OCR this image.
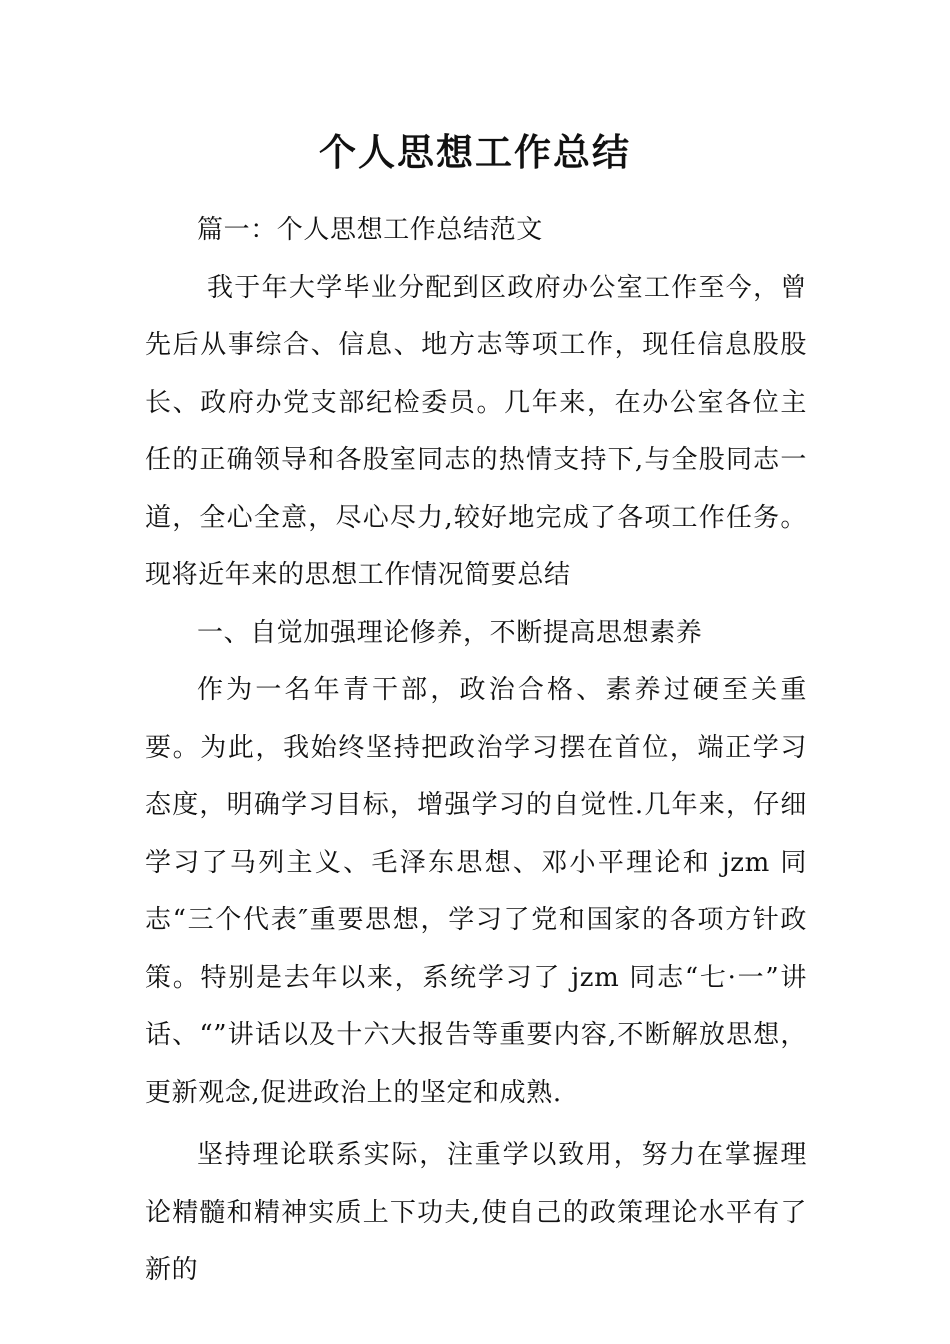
个人思想工作总结

篇一：个人思想工作总结范文

我于年大学毕业分配到区政府办公室工作至今，曾先后从事综合、信息、地方志等项工作，现任信息股股长、政府办党支部纪检委员。几年来，在办公室各位主任的正确领导和各股室同志的热情支持下,与全股同志一道，全心全意，尽心尽力,较好地完成了各项工作任务。现将近年来的思想工作情况简要总结

一、自觉加强理论修养，不断提高思想素养

作为一名年青干部，政治合格、素养过硬至关重要。为此，我始终坚持把政治学习摆在首位，端正学习态度，明确学习目标，增强学习的自觉性.几年来，仔细学习了马列主义、毛泽东思想、邓小平理论和 jzm 同志“三个代表″重要思想，学习了党和国家的各项方针政策。特别是去年以来，系统学习了 jzm 同志“七·一”讲话、“”讲话以及十六大报告等重要内容,不断解放思想，更新观念,促进政治上的坚定和成熟.

坚持理论联系实际，注重学以致用，努力在掌握理论精髓和精神实质上下功夫,使自己的政策理论水平有了新的
